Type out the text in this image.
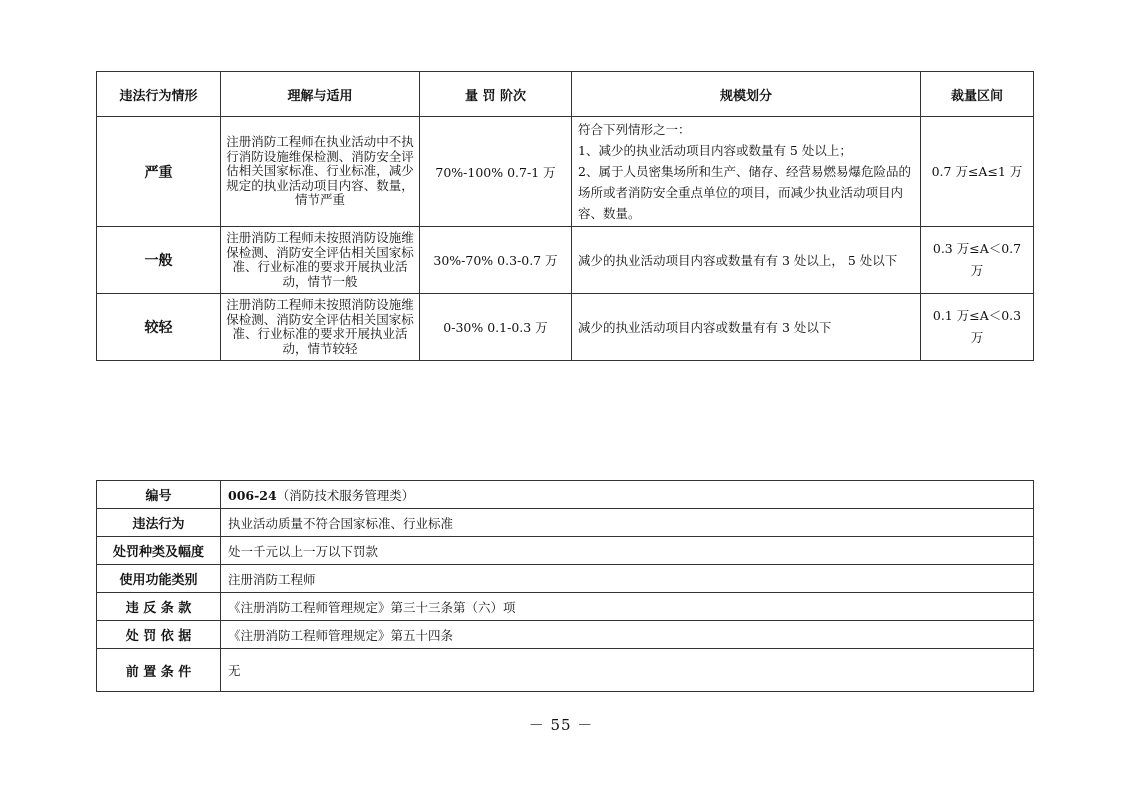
违法行为情形	理解与适用	量 罚 阶次	规模划分	裁量区间
严重	注册消防工程师在执业活动中不执行消防设施维保检测、消防安全评估相关国家标准、行业标准，减少规定的执业活动项目内容、数量，情节严重	70%-100% 0.7-1 万	符合下列情形之一：
1、减少的执业活动项目内容或数量有 5 处以上；
2、属于人员密集场所和生产、储存、经营易燃易爆危险品的场所或者消防安全重点单位的项目，而减少执业活动项目内容、数量。	0.7 万≤A≤1 万
一般	注册消防工程师未按照消防设施维保检测、消防安全评估相关国家标准、行业标准的要求开展执业活动，情节一般	30%-70% 0.3-0.7 万	减少的执业活动项目内容或数量有有 3 处以上， 5 处以下	0.3 万≤A＜0.7 万
较轻	注册消防工程师未按照消防设施维保检测、消防安全评估相关国家标准、行业标准的要求开展执业活动，情节较轻	0-30% 0.1-0.3 万	减少的执业活动项目内容或数量有有 3 处以下	0.1 万≤A＜0.3 万
编号	006-24（消防技术服务管理类）
违法行为	执业活动质量不符合国家标准、行业标准
处罚种类及幅度	处一千元以上一万以下罚款
使用功能类别	注册消防工程师
违 反 条 款	《注册消防工程师管理规定》第三十三条第（六）项
处 罚 依 据	《注册消防工程师管理规定》第五十四条
前 置 条 件	无
－ 55 －
